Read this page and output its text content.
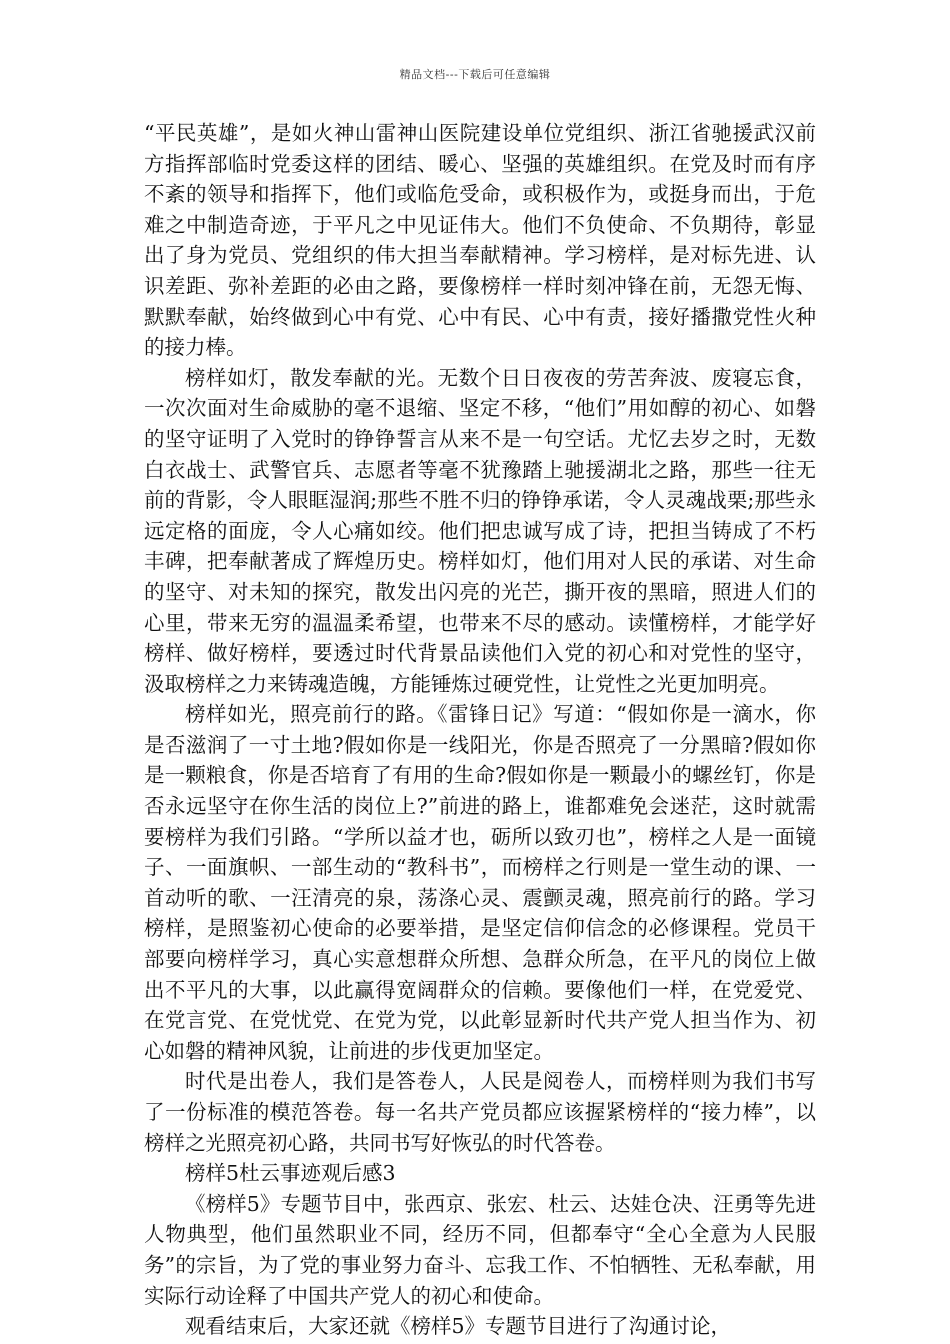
精品文档---下载后可任意编辑

“平民英雄”，是如火神山雷神山医院建设单位党组织、浙江省驰援武汉前方指挥部临时党委这样的团结、暖心、坚强的英雄组织。在党及时而有序不紊的领导和指挥下，他们或临危受命，或积极作为，或挺身而出，于危难之中制造奇迹，于平凡之中见证伟大。他们不负使命、不负期待，彰显出了身为党员、党组织的伟大担当奉献精神。学习榜样，是对标先进、认识差距、弥补差距的必由之路，要像榜样一样时刻冲锋在前，无怨无悔、默默奉献，始终做到心中有党、心中有民、心中有责，接好播撒党性火种的接力棒。

榜样如灯，散发奉献的光。无数个日日夜夜的劳苦奔波、废寝忘食，一次次面对生命威胁的毫不退缩、坚定不移，“他们”用如醇的初心、如磐的坚守证明了入党时的铮铮誓言从来不是一句空话。尤忆去岁之时，无数白衣战士、武警官兵、志愿者等毫不犹豫踏上驰援湖北之路，那些一往无前的背影，令人眼眶湿润;那些不胜不归的铮铮承诺，令人灵魂战栗;那些永远定格的面庞，令人心痛如绞。他们把忠诚写成了诗，把担当铸成了不朽丰碑，把奉献著成了辉煌历史。榜样如灯，他们用对人民的承诺、对生命的坚守、对未知的探究，散发出闪亮的光芒，撕开夜的黑暗，照进人们的心里，带来无穷的温温柔希望，也带来不尽的感动。读懂榜样，才能学好榜样、做好榜样，要透过时代背景品读他们入党的初心和对党性的坚守，汲取榜样之力来铸魂造魄，方能锤炼过硬党性，让党性之光更加明亮。

榜样如光，照亮前行的路。《雷锋日记》写道：“假如你是一滴水，你是否滋润了一寸土地?假如你是一线阳光，你是否照亮了一分黑暗?假如你是一颗粮食，你是否培育了有用的生命?假如你是一颗最小的螺丝钉，你是否永远坚守在你生活的岗位上?”前进的路上，谁都难免会迷茫，这时就需要榜样为我们引路。“学所以益才也，砺所以致刃也”，榜样之人是一面镜子、一面旗帜、一部生动的“教科书”，而榜样之行则是一堂生动的课、一首动听的歌、一汪清亮的泉，荡涤心灵、震颤灵魂，照亮前行的路。学习榜样，是照鉴初心使命的必要举措，是坚定信仰信念的必修课程。党员干部要向榜样学习，真心实意想群众所想、急群众所急，在平凡的岗位上做出不平凡的大事，以此赢得宽阔群众的信赖。要像他们一样，在党爱党、在党言党、在党忧党、在党为党，以此彰显新时代共产党人担当作为、初心如磐的精神风貌，让前进的步伐更加坚定。

时代是出卷人，我们是答卷人，人民是阅卷人，而榜样则为我们书写了一份标准的模范答卷。每一名共产党员都应该握紧榜样的“接力棒”，以榜样之光照亮初心路，共同书写好恢弘的时代答卷。

榜样5杜云事迹观后感3

《榜样5》专题节目中，张西京、张宏、杜云、达娃仓决、汪勇等先进人物典型，他们虽然职业不同，经历不同，但都奉守“全心全意为人民服务”的宗旨，为了党的事业努力奋斗、忘我工作、不怕牺牲、无私奉献，用实际行动诠释了中国共产党人的初心和使命。

观看结束后，大家还就《榜样5》专题节目进行了沟通讨论，
